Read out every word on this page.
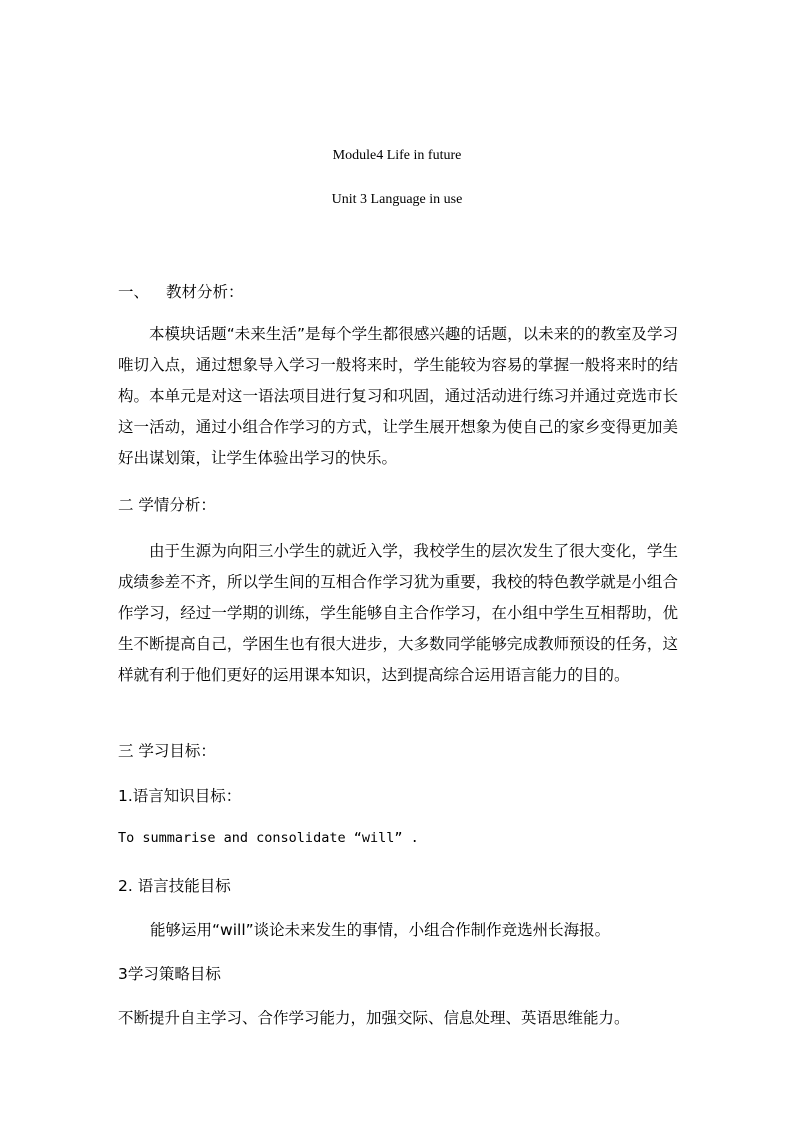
Module4 Life in future

Unit 3 Language in use

一、 教材分析：

本模块话题“未来生活”是每个学生都很感兴趣的话题，以未来的的教室及学习唯切入点，通过想象导入学习一般将来时，学生能较为容易的掌握一般将来时的结构。本单元是对这一语法项目进行复习和巩固，通过活动进行练习并通过竞选市长这一活动，通过小组合作学习的方式，让学生展开想象为使自己的家乡变得更加美好出谋划策，让学生体验出学习的快乐。

二 学情分析：

由于生源为向阳三小学生的就近入学，我校学生的层次发生了很大变化，学生成绩参差不齐，所以学生间的互相合作学习犹为重要，我校的特色教学就是小组合作学习，经过一学期的训练，学生能够自主合作学习，在小组中学生互相帮助，优生不断提高自己，学困生也有很大进步，大多数同学能够完成教师预设的任务，这样就有利于他们更好的运用课本知识，达到提高综合运用语言能力的目的。

三 学习目标：

1.语言知识目标：

To summarise and consolidate “will” .

2. 语言技能目标

能够运用“will”谈论未来发生的事情，小组合作制作竞选州长海报。

3学习策略目标

不断提升自主学习、合作学习能力，加强交际、信息处理、英语思维能力。
